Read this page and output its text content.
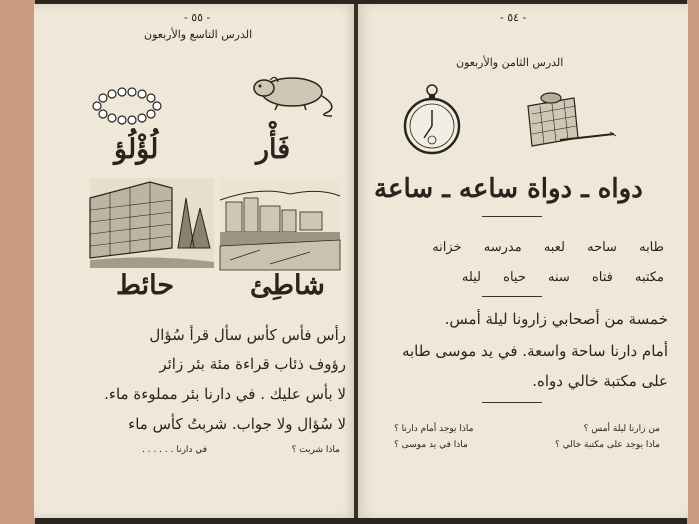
- ٥٥ -
الدرس التاسع والأربعون
فَأْر
لُؤْلُؤ
شاطِئ
حائط
رأس فأس كأس سأل قرأ سُؤال
رؤوف ذئاب قراءة مئة بئر زائر
لا بأس عليك . في دارنا بئر مملوءة ماء.
لا سُؤال ولا جواب. شربتُ كأس ماء
ماذا شربت ؟
في دارنا . . . . . .
- ٥٤ -
الدرس الثامن والأربعون
دواه ـ دواة ساعه ـ ساعة
طابه ساحه لعبه مدرسه خزانه
مكتبه فتاه سنه حياه ليله
خمسة من أصحابي زارونا ليلة أمس.
أمام دارنا ساحة واسعة. في يد موسى طابه
على مكتبة خالي دواه.
من زارنا ليلة أمس ؟
ماذا يوجد أمام دارنا ؟
ماذا يوجد على مكتبة خالي ؟
ماذا في يد موسى ؟
